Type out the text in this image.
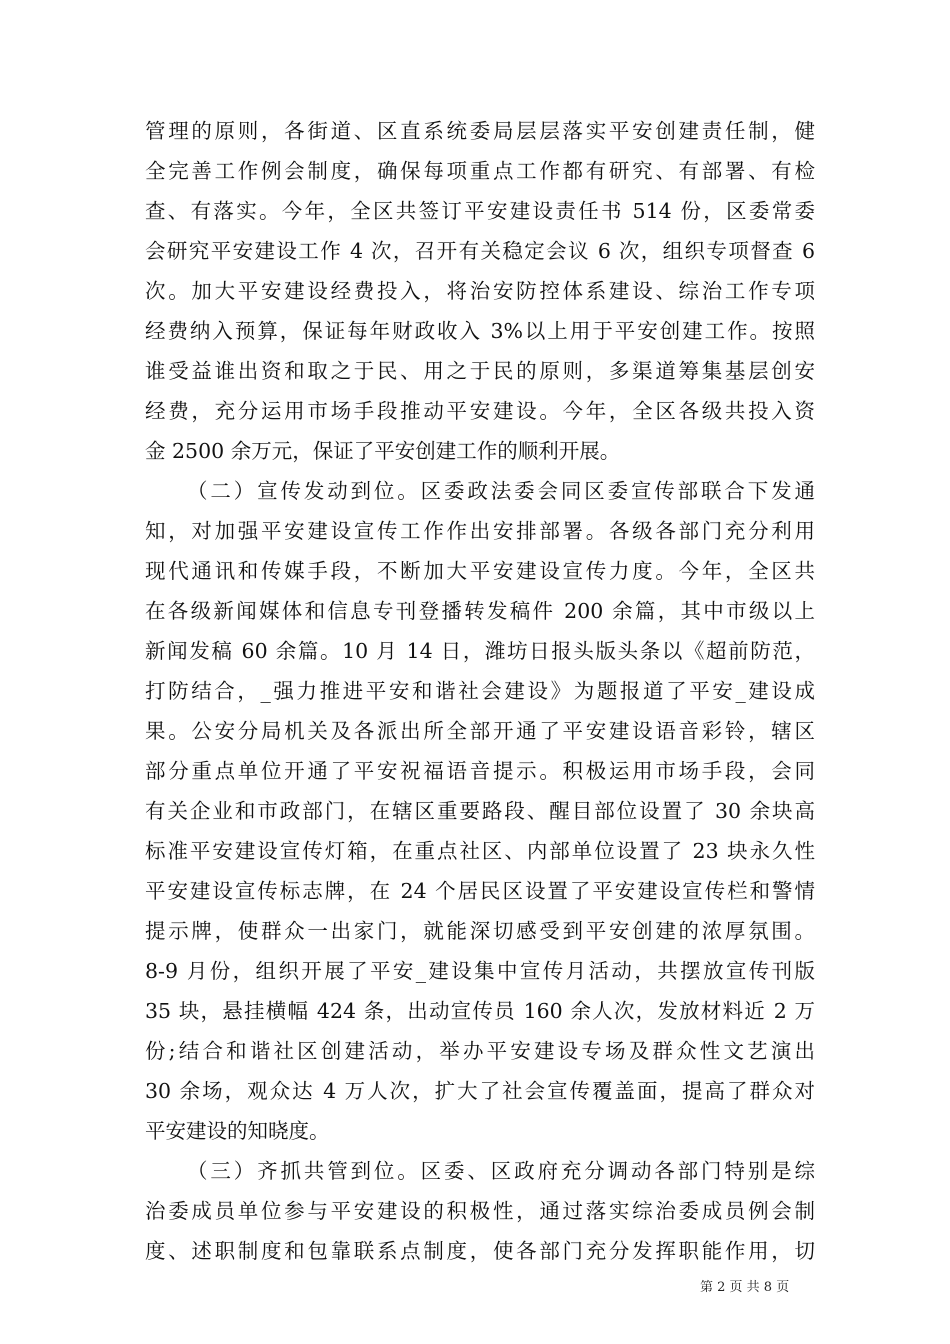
管理的原则，各街道、区直系统委局层层落实平安创建责任制，健
全完善工作例会制度，确保每项重点工作都有研究、有部署、有检
查、有落实。今年，全区共签订平安建设责任书 514 份，区委常委
会研究平安建设工作 4 次，召开有关稳定会议 6 次，组织专项督查 6
次。加大平安建设经费投入，将治安防控体系建设、综治工作专项
经费纳入预算，保证每年财政收入 3%以上用于平安创建工作。按照
谁受益谁出资和取之于民、用之于民的原则，多渠道筹集基层创安
经费，充分运用市场手段推动平安建设。今年，全区各级共投入资
金 2500 余万元，保证了平安创建工作的顺利开展。
（二）宣传发动到位。区委政法委会同区委宣传部联合下发通
知，对加强平安建设宣传工作作出安排部署。各级各部门充分利用
现代通讯和传媒手段，不断加大平安建设宣传力度。今年，全区共
在各级新闻媒体和信息专刊登播转发稿件 200 余篇，其中市级以上
新闻发稿 60 余篇。10 月 14 日，潍坊日报头版头条以《超前防范，
打防结合，_强力推进平安和谐社会建设》为题报道了平安_建设成
果。公安分局机关及各派出所全部开通了平安建设语音彩铃，辖区
部分重点单位开通了平安祝福语音提示。积极运用市场手段，会同
有关企业和市政部门，在辖区重要路段、醒目部位设置了 30 余块高
标准平安建设宣传灯箱，在重点社区、内部单位设置了 23 块永久性
平安建设宣传标志牌，在 24 个居民区设置了平安建设宣传栏和警情
提示牌，使群众一出家门，就能深切感受到平安创建的浓厚氛围。
8-9 月份，组织开展了平安_建设集中宣传月活动，共摆放宣传刊版
35 块，悬挂横幅 424 条，出动宣传员 160 余人次，发放材料近 2 万
份;结合和谐社区创建活动，举办平安建设专场及群众性文艺演出
30 余场，观众达 4 万人次，扩大了社会宣传覆盖面，提高了群众对
平安建设的知晓度。
（三）齐抓共管到位。区委、区政府充分调动各部门特别是综
治委成员单位参与平安建设的积极性，通过落实综治委成员例会制
度、述职制度和包靠联系点制度，使各部门充分发挥职能作用，切
第 2 页 共 8 页
